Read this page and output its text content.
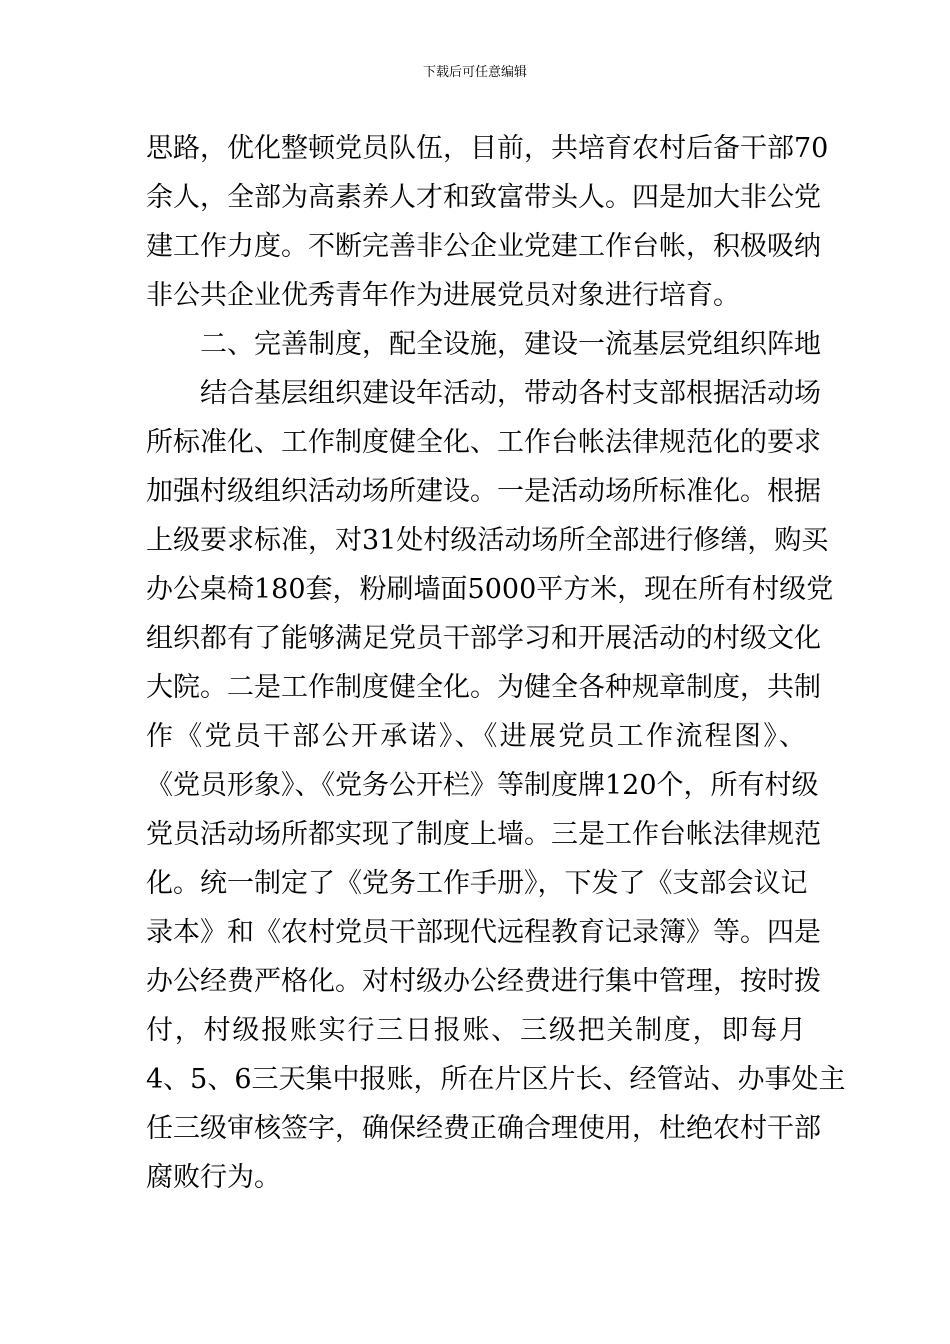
下载后可任意编辑
思路，优化整顿党员队伍，目前，共培育农村后备干部70
余人，全部为高素养人才和致富带头人。四是加大非公党
建工作力度。不断完善非公企业党建工作台帐，积极吸纳
非公共企业优秀青年作为进展党员对象进行培育。
二、完善制度，配全设施，建设一流基层党组织阵地
结合基层组织建设年活动，带动各村支部根据活动场
所标准化、工作制度健全化、工作台帐法律规范化的要求
加强村级组织活动场所建设。一是活动场所标准化。根据
上级要求标准，对31处村级活动场所全部进行修缮，购买
办公桌椅180套，粉刷墙面5000平方米，现在所有村级党
组织都有了能够满足党员干部学习和开展活动的村级文化
大院。二是工作制度健全化。为健全各种规章制度，共制
作《党员干部公开承诺》、《进展党员工作流程图》、
《党员形象》、《党务公开栏》等制度牌120个，所有村级
党员活动场所都实现了制度上墙。三是工作台帐法律规范
化。统一制定了《党务工作手册》，下发了《支部会议记
录本》和《农村党员干部现代远程教育记录簿》等。四是
办公经费严格化。对村级办公经费进行集中管理，按时拨
付，村级报账实行三日报账、三级把关制度，即每月
4、5、6三天集中报账，所在片区片长、经管站、办事处主
任三级审核签字，确保经费正确合理使用，杜绝农村干部
腐败行为。
